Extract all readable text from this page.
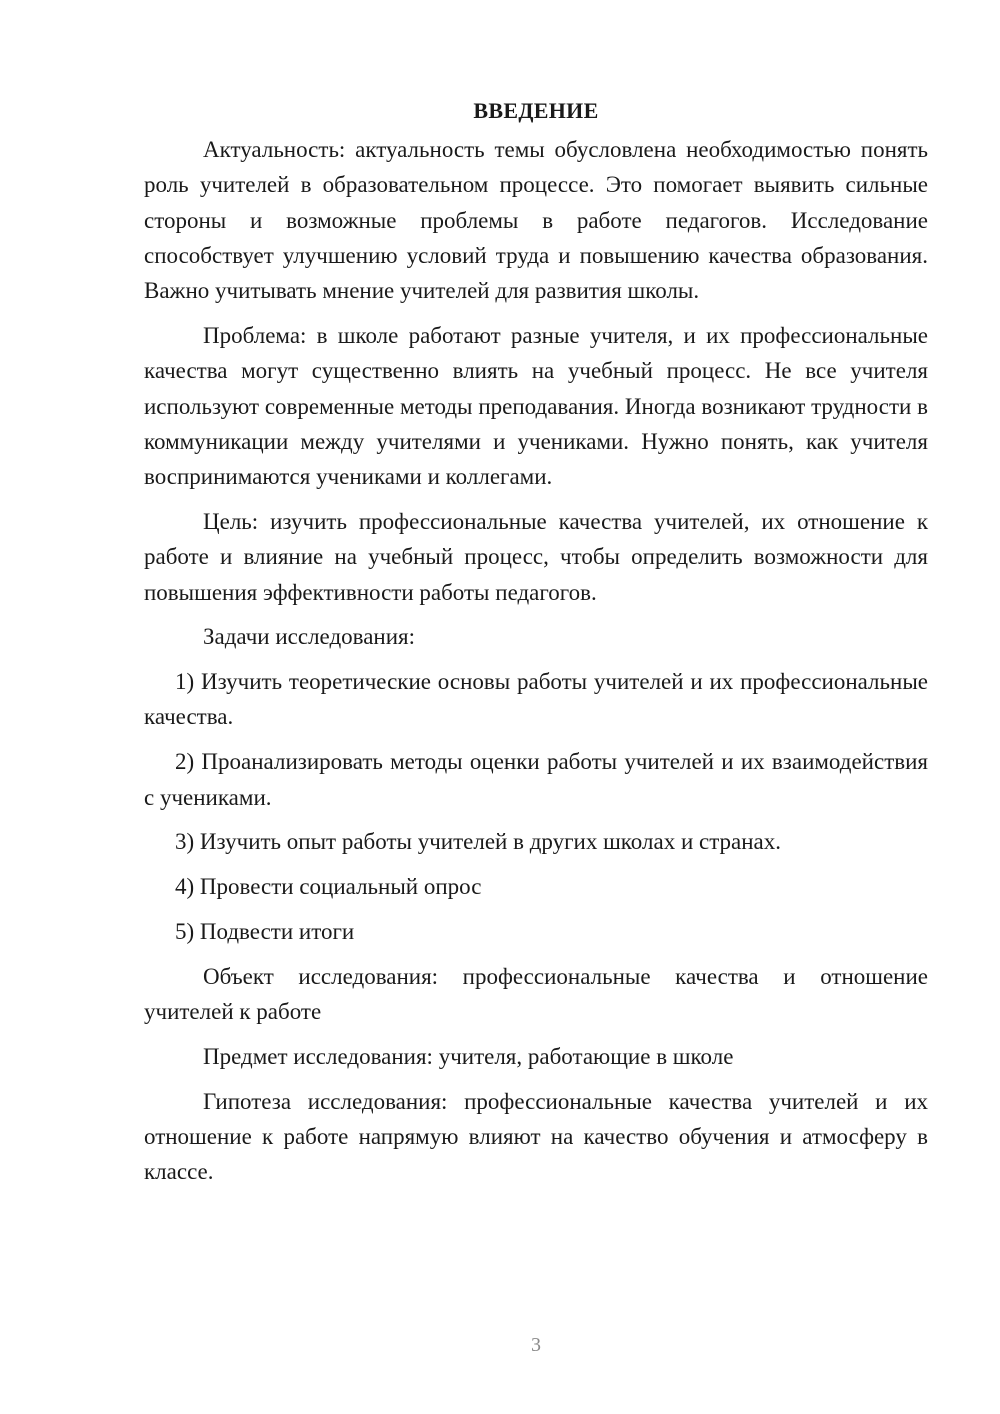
ВВЕДЕНИЕ

Актуальность: актуальность темы обусловлена необходимостью понять роль учителей в образовательном процессе. Это помогает выявить сильные стороны и возможные проблемы в работе педагогов. Исследование способствует улучшению условий труда и повышению качества образования. Важно учитывать мнение учителей для развития школы.

Проблема: в школе работают разные учителя, и их профессиональные качества могут существенно влиять на учебный процесс. Не все учителя используют современные методы преподавания. Иногда возникают трудности в коммуникации между учителями и учениками. Нужно понять, как учителя воспринимаются учениками и коллегами.

Цель: изучить профессиональные качества учителей, их отношение к работе и влияние на учебный процесс, чтобы определить возможности для повышения эффективности работы педагогов.

Задачи исследования:

1) Изучить теоретические основы работы учителей и их профессиональные качества.

2) Проанализировать методы оценки работы учителей и их взаимодействия с учениками.

3) Изучить опыт работы учителей в других школах и странах.

4) Провести социальный опрос

5) Подвести итоги

Объект исследования: профессиональные качества и отношение учителей к работе

Предмет исследования: учителя, работающие в школе

Гипотеза исследования: профессиональные качества учителей и их отношение к работе напрямую влияют на качество обучения и атмосферу в классе.

3
